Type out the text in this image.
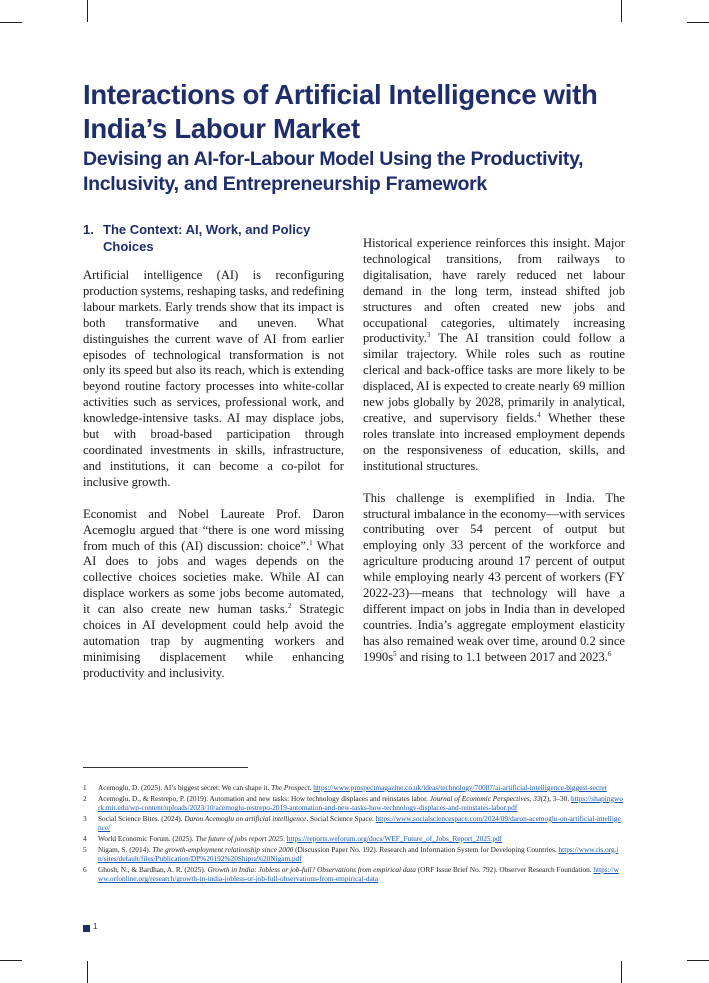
Interactions of Artificial Intelligence with India’s Labour Market
Devising an AI-for-Labour Model Using the Productivity, Inclusivity, and Entrepreneurship Framework
1. The Context: AI, Work, and Policy Choices

Artificial intelligence (AI) is reconfiguring production systems, reshaping tasks, and redefining labour markets. Early trends show that its impact is both transformative and uneven. What distinguishes the current wave of AI from earlier episodes of technological transformation is not only its speed but also its reach, which is extending beyond routine factory processes into white-collar activities such as services, professional work, and knowledge-intensive tasks. AI may displace jobs, but with broad-based participation through coordinated investments in skills, infrastructure, and institutions, it can become a co-pilot for inclusive growth.

Economist and Nobel Laureate Prof. Daron Acemoglu argued that “there is one word missing from much of this (AI) discussion: choice”.$^1$ What AI does to jobs and wages depends on the collective choices societies make. While AI can displace workers as some jobs become automated, it can also create new human tasks.$^2$ Strategic choices in AI development could help avoid the automation trap by augmenting workers and minimising displacement while enhancing productivity and inclusivity.

Historical experience reinforces this insight. Major technological transitions, from railways to digitalisation, have rarely reduced net labour demand in the long term, instead shifted job structures and often created new jobs and occupational categories, ultimately increasing productivity.$^3$ The AI transition could follow a similar trajectory. While roles such as routine clerical and back-office tasks are more likely to be displaced, AI is expected to create nearly 69 million new jobs globally by 2028, primarily in analytical, creative, and supervisory fields.$^4$ Whether these roles translate into increased employment depends on the responsiveness of education, skills, and institutional structures.

This challenge is exemplified in India. The structural imbalance in the economy—with services contributing over 54 percent of output but employing only 33 percent of the workforce and agriculture producing around 17 percent of output while employing nearly 43 percent of workers (FY 2022-23)—means that technology will have a different impact on jobs in India than in developed countries. India’s aggregate employment elasticity has also remained weak over time, around 0.2 since $1990s^5$ and rising to 1.1 between 2017 and 2023.$^6$

1	Acemoglu, D. (2025). AI’s biggest secret: We can shape it. The Prospect. https://www.prospectmagazine.co.uk/ideas/technology/70087/ai-artificial-intelligence-biggest-secret
2	Acemoglu, D., & Restrepo, P. (2019). Automation and new tasks: How technology displaces and reinstates labor. Journal of Economic Perspectives, 33(2), 3–30. https://shapingwork.mit.edu/wp-content/uploads/2023/10/acemoglu-restrepo-2019-automation-and-new-tasks-how-technology-displaces-and-reinstates-labor.pdf
3	Social Science Bites. (2024). Daron Acemoglu on artificial intelligence. Social Science Space. https://www.socialsciencespace.com/2024/09/daron-acemoglu-on-artificial-intelligence/
4	World Economic Forum. (2025). The future of jobs report 2025. https://reports.weforum.org/docs/WEF_Future_of_Jobs_Report_2025.pdf
5	Nigam, S. (2014). The growth-employment relationship since 2000 (Discussion Paper No. 192). Research and Information System for Developing Countries. https://www.ris.org.in/sites/default/files/Publication/DP%20192%20Shipra%20Nigam.pdf
6	Ghosh, N., & Bardhan, A. R. (2025). Growth in India: Jobless or job-full? Observations from empirical data (ORF Issue Brief No. 792). Observer Research Foundation. https://www.orfonline.org/research/growth-in-india-jobless-or-job-full-observations-from-empirical-data
1
